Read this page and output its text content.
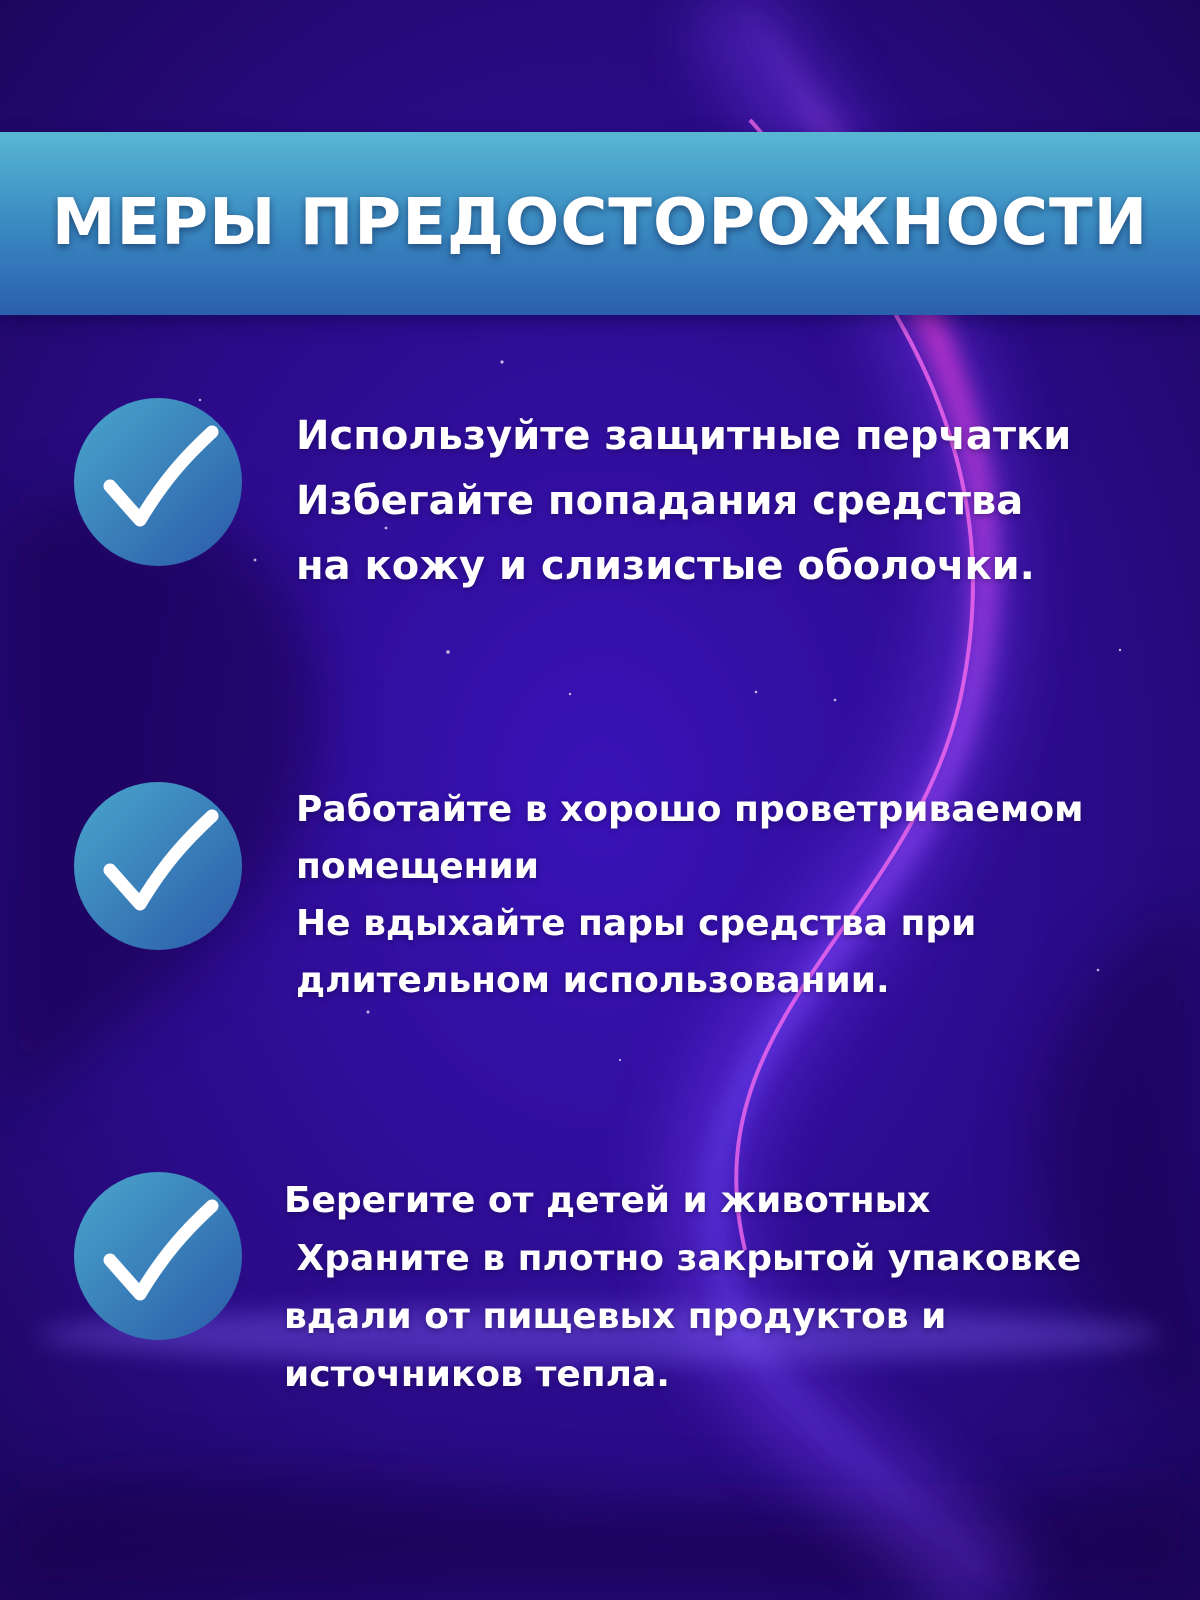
МЕРЫ ПРЕДОСТОРОЖНОСТИ
Используйте защитные перчатки
Избегайте попадания средства
на кожу и слизистые оболочки.
Работайте в хорошо проветриваемом
помещении
Не вдыхайте пары средства при
длительном использовании.
Берегите от детей и животных
Храните в плотно закрытой упаковке
вдали от пищевых продуктов и
источников тепла.
